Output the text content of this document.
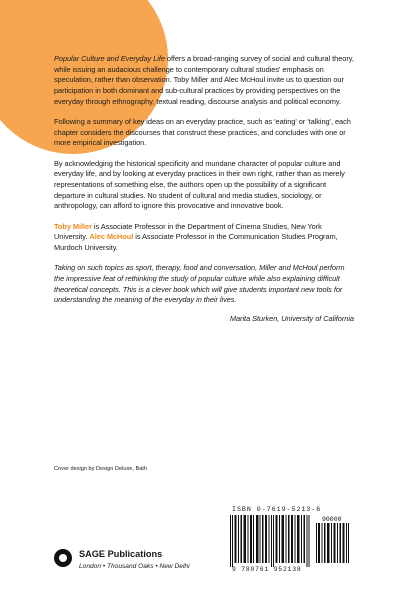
Popular Culture and Everyday Life offers a broad-ranging survey of social and cultural theory, while issuing an audacious challenge to contemporary cultural studies' emphasis on speculation, rather than observation. Toby Miller and Alec McHoul invite us to question our participation in both dominant and sub-cultural practices by providing perspectives on the everyday through ethnography, textual reading, discourse analysis and political economy.

Following a summary of key ideas on an everyday practice, such as 'eating' or 'talking', each chapter considers the discourses that construct these practices, and concludes with one or more empirical investigation.

By acknowledging the historical specificity and mundane character of popular culture and everyday life, and by looking at everyday practices in their own right, rather than as merely representations of something else, the authors open up the possibility of a significant departure in cultural studies. No student of cultural and media studies, sociology, or anthropology, can afford to ignore this provocative and innovative book.

Toby Miller is Associate Professor in the Department of Cinema Studies, New York University. Alec McHoul is Associate Professor in the Communication Studies Program, Murdoch University.

Taking on such topics as sport, therapy, food and conversation, Miller and McHoul perform the impressive feat of rethinking the study of popular culture while also explaining difficult theoretical concepts. This is a clever book which will give students important new tools for understanding the meaning of the everyday in their lives.

Marita Sturken, University of California
Cover design by Design Deluxe, Bath
ISBN 0-7619-5213-6
90000
9 780761 952138
SAGE Publications
London • Thousand Oaks • New Delhi
